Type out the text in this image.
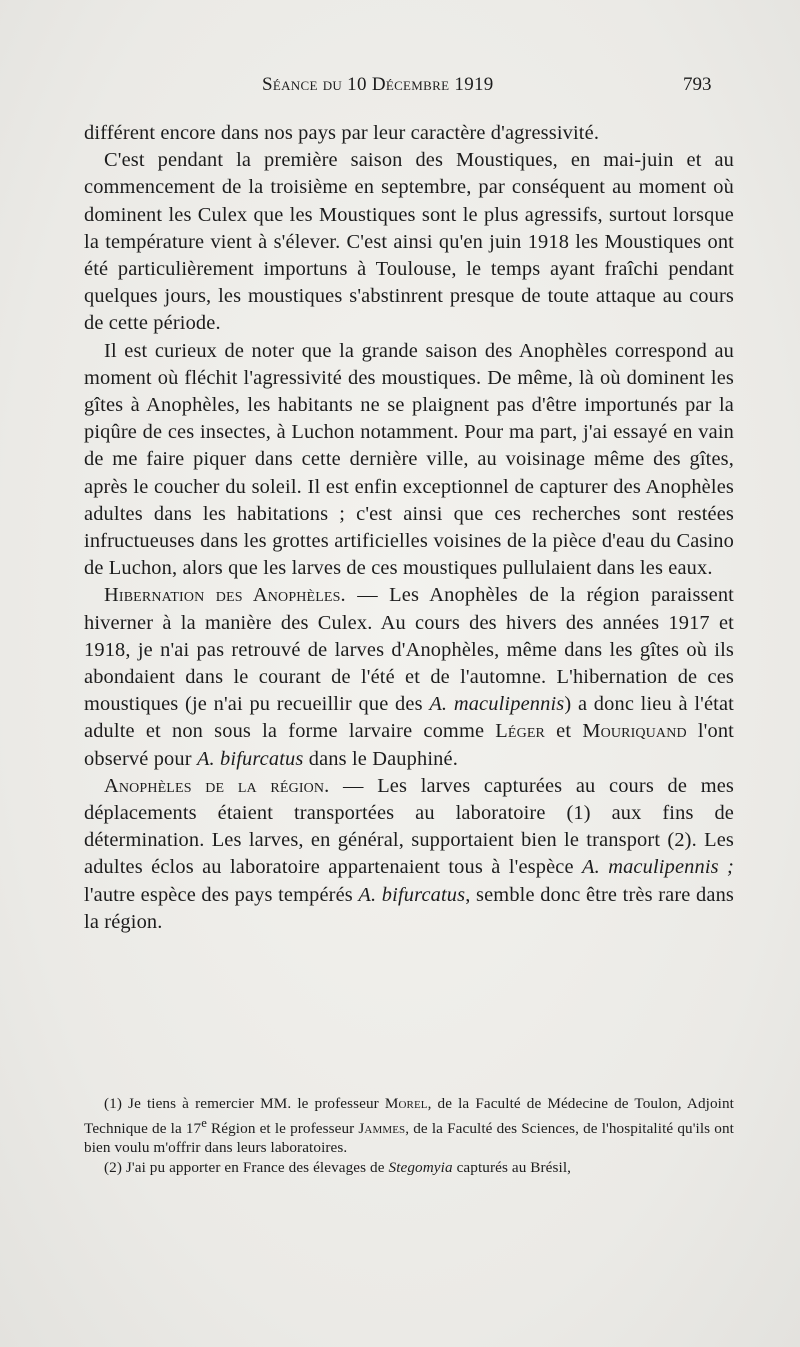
Séance du 10 Décembre 1919	793

différent encore dans nos pays par leur caractère d'agressivité.

C'est pendant la première saison des Moustiques, en mai-juin et au commencement de la troisième en septembre, par conséquent au moment où dominent les Culex que les Moustiques sont le plus agressifs, surtout lorsque la température vient à s'élever. C'est ainsi qu'en juin 1918 les Moustiques ont été particulièrement importuns à Toulouse, le temps ayant fraîchi pendant quelques jours, les moustiques s'abstinrent presque de toute attaque au cours de cette période.

Il est curieux de noter que la grande saison des Anophèles correspond au moment où fléchit l'agressivité des moustiques. De même, là où dominent les gîtes à Anophèles, les habitants ne se plaignent pas d'être importunés par la piqûre de ces insectes, à Luchon notamment. Pour ma part, j'ai essayé en vain de me faire piquer dans cette dernière ville, au voisinage même des gîtes, après le coucher du soleil. Il est enfin exceptionnel de capturer des Anophèles adultes dans les habitations ; c'est ainsi que ces recherches sont restées infructueuses dans les grottes artificielles voisines de la pièce d'eau du Casino de Luchon, alors que les larves de ces moustiques pullulaient dans les eaux.

Hibernation des Anophèles. — Les Anophèles de la région paraissent hiverner à la manière des Culex. Au cours des hivers des années 1917 et 1918, je n'ai pas retrouvé de larves d'Anophèles, même dans les gîtes où ils abondaient dans le courant de l'été et de l'automne. L'hibernation de ces moustiques (je n'ai pu recueillir que des A. maculipennis) a donc lieu à l'état adulte et non sous la forme larvaire comme Léger et Mouriquand l'ont observé pour A. bifurcatus dans le Dauphiné.

Anophèles de la région. — Les larves capturées au cours de mes déplacements étaient transportées au laboratoire (1) aux fins de détermination. Les larves, en général, supportaient bien le transport (2). Les adultes éclos au laboratoire appartenaient tous à l'espèce A. maculipennis ; l'autre espèce des pays tempérés A. bifurcatus, semble donc être très rare dans la région.

(1) Je tiens à remercier MM. le professeur Morel, de la Faculté de Médecine de Toulon, Adjoint Technique de la 17e Région et le professeur Jammes, de la Faculté des Sciences, de l'hospitalité qu'ils ont bien voulu m'offrir dans leurs laboratoires.

(2) J'ai pu apporter en France des élevages de Stegomyia capturés au Brésil,
